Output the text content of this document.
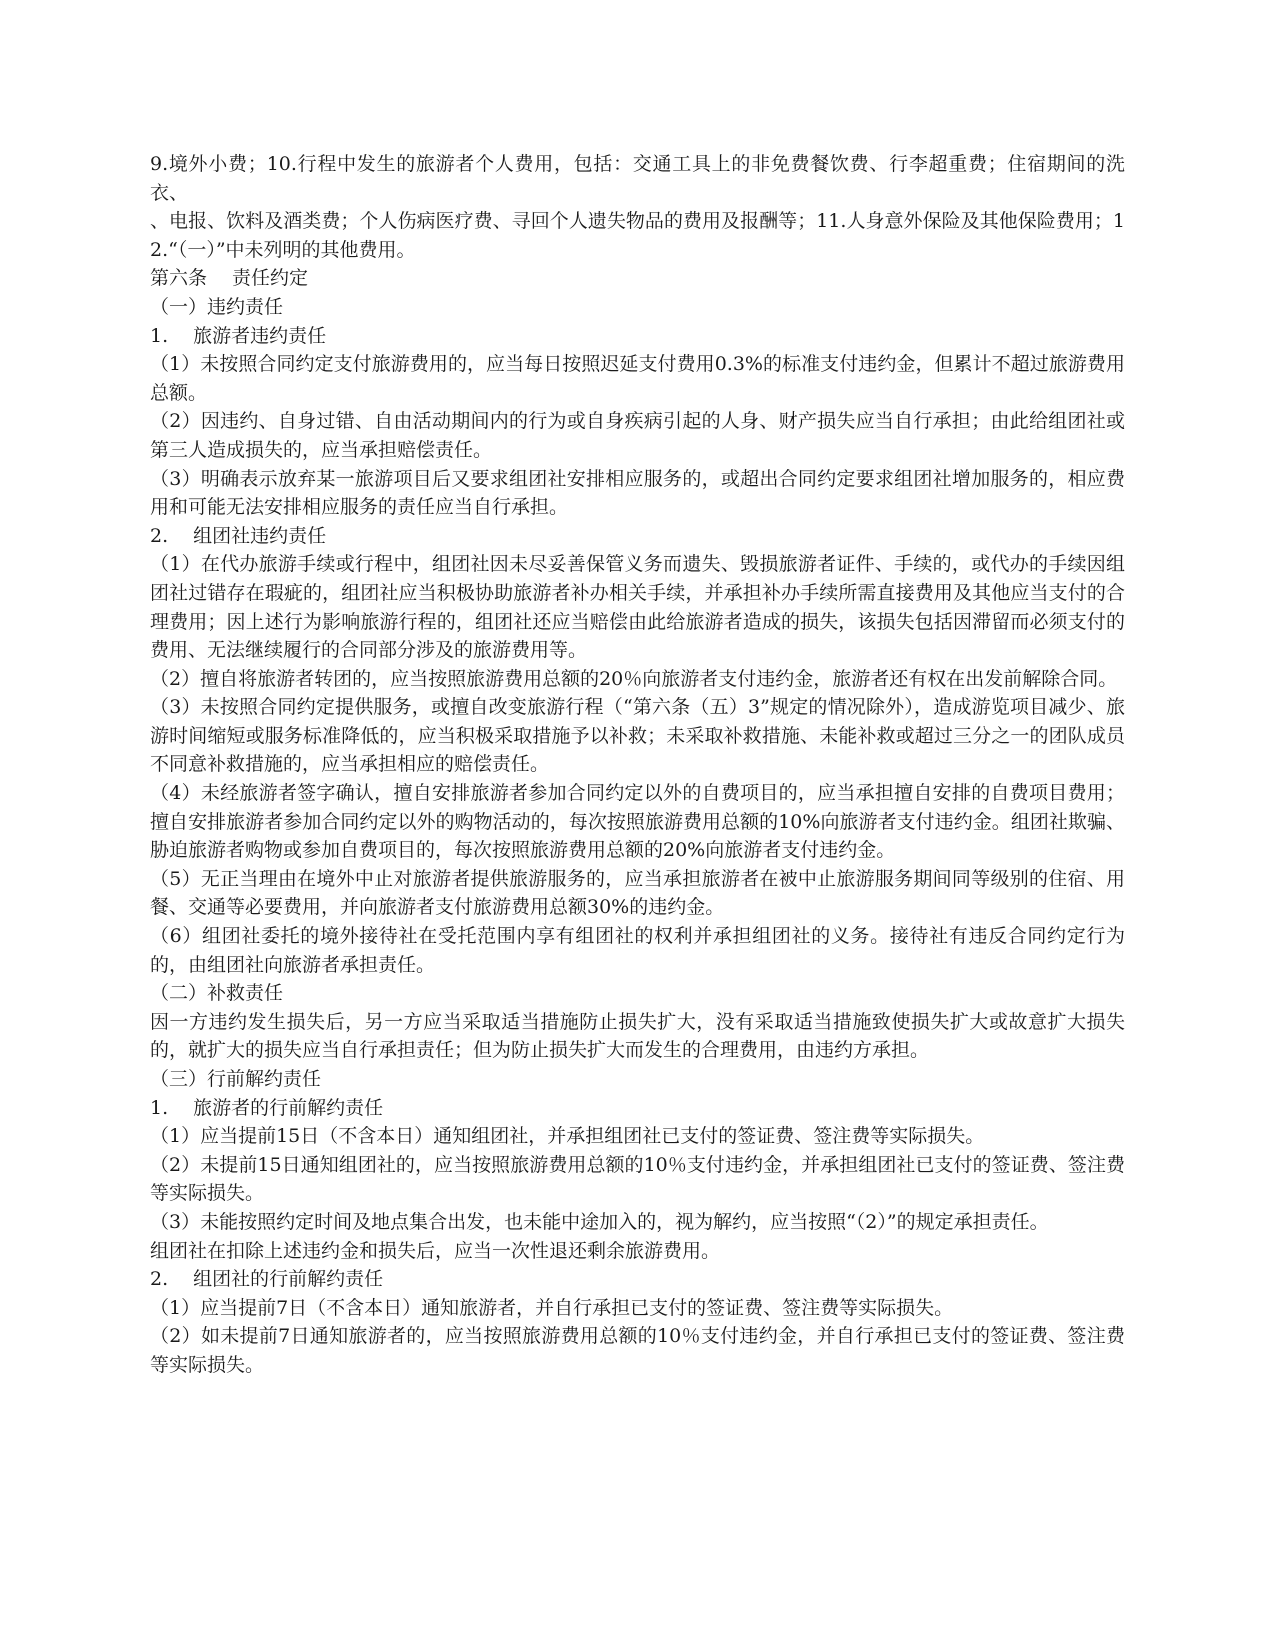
9.境外小费；10.行程中发生的旅游者个人费用，包括：交通工具上的非免费餐饮费、行李超重费；住宿期间的洗衣、

、电报、饮料及酒类费；个人伤病医疗费、寻回个人遗失物品的费用及报酬等；11.人身意外保险及其他保险费用；12.“（一）”中未列明的其他费用。

第六条　 责任约定

（一）违约责任

1.　 旅游者违约责任

（1）未按照合同约定支付旅游费用的，应当每日按照迟延支付费用0.3%的标准支付违约金，但累计不超过旅游费用总额。

（2）因违约、自身过错、自由活动期间内的行为或自身疾病引起的人身、财产损失应当自行承担；由此给组团社或第三人造成损失的，应当承担赔偿责任。

（3）明确表示放弃某一旅游项目后又要求组团社安排相应服务的，或超出合同约定要求组团社增加服务的，相应费用和可能无法安排相应服务的责任应当自行承担。

2.　 组团社违约责任

（1）在代办旅游手续或行程中，组团社因未尽妥善保管义务而遗失、毁损旅游者证件、手续的，或代办的手续因组团社过错存在瑕疵的，组团社应当积极协助旅游者补办相关手续，并承担补办手续所需直接费用及其他应当支付的合理费用；因上述行为影响旅游行程的，组团社还应当赔偿由此给旅游者造成的损失，该损失包括因滞留而必须支付的费用、无法继续履行的合同部分涉及的旅游费用等。

（2）擅自将旅游者转团的，应当按照旅游费用总额的20％向旅游者支付违约金，旅游者还有权在出发前解除合同。

（3）未按照合同约定提供服务，或擅自改变旅游行程（“第六条（五）3”规定的情况除外），造成游览项目减少、旅游时间缩短或服务标准降低的，应当积极采取措施予以补救；未采取补救措施、未能补救或超过三分之一的团队成员不同意补救措施的，应当承担相应的赔偿责任。

（4）未经旅游者签字确认，擅自安排旅游者参加合同约定以外的自费项目的，应当承担擅自安排的自费项目费用；擅自安排旅游者参加合同约定以外的购物活动的，每次按照旅游费用总额的10%向旅游者支付违约金。组团社欺骗、胁迫旅游者购物或参加自费项目的，每次按照旅游费用总额的20%向旅游者支付违约金。

（5）无正当理由在境外中止对旅游者提供旅游服务的，应当承担旅游者在被中止旅游服务期间同等级别的住宿、用餐、交通等必要费用，并向旅游者支付旅游费用总额30%的违约金。

（6）组团社委托的境外接待社在受托范围内享有组团社的权利并承担组团社的义务。接待社有违反合同约定行为的，由组团社向旅游者承担责任。

（二）补救责任

因一方违约发生损失后，另一方应当采取适当措施防止损失扩大，没有采取适当措施致使损失扩大或故意扩大损失的，就扩大的损失应当自行承担责任；但为防止损失扩大而发生的合理费用，由违约方承担。

（三）行前解约责任

1.　 旅游者的行前解约责任

（1）应当提前15日（不含本日）通知组团社，并承担组团社已支付的签证费、签注费等实际损失。

（2）未提前15日通知组团社的，应当按照旅游费用总额的10％支付违约金，并承担组团社已支付的签证费、签注费等实际损失。

（3）未能按照约定时间及地点集合出发，也未能中途加入的，视为解约，应当按照“（2）”的规定承担责任。

组团社在扣除上述违约金和损失后，应当一次性退还剩余旅游费用。

2.　 组团社的行前解约责任

（1）应当提前7日（不含本日）通知旅游者，并自行承担已支付的签证费、签注费等实际损失。

（2）如未提前7日通知旅游者的，应当按照旅游费用总额的10％支付违约金，并自行承担已支付的签证费、签注费等实际损失。
